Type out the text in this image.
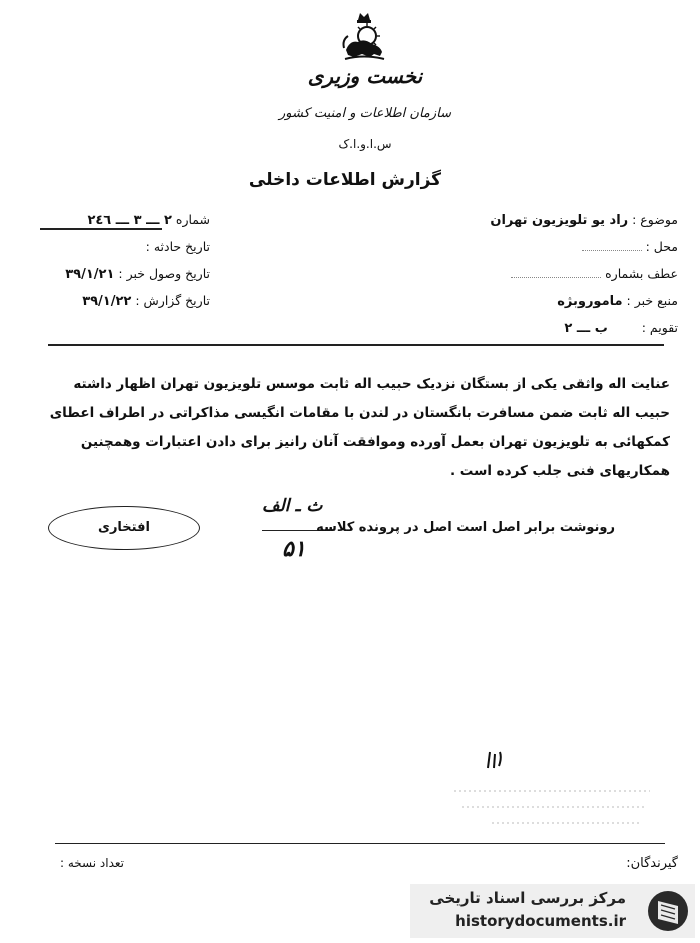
نخست وزیری
سازمان اطلاعات و امنیت کشور
س.ا.و.ا.ک
گزارش اطلاعات داخلی
موضوع : راد یو تلویزیون تهران
محل :
عطف بشماره
منبع خبر : ماموروبژه
تقویم : ب ـــ ۲
شماره ۲ ـــ ۳ ـــ ۲٤٦
تاریخ حادثه :
تاریخ وصول خبر : ۳۹/۱/۲۱
تاریخ گزارش : ۳۹/۱/۲۲
عنایت اله واثقی یکی از بستگان نزدیک حبیب اله ثابت موسس تلویزیون تهران اظهار داشته
حبیب اله ثابت ضمن مسافرت بانگستان در لندن با مقامات انگیسی مذاکراتی در اطراف اعطای
کمکهائی به تلویزیون تهران بعمل آورده وموافقت آنان رانیز برای دادن اعتبارات وهمچنین
همکاریهای فنی جلب کرده است .
افتخاری
ث ـ الف
رونوشت برابر اصل است اصل در پرونده کلاسه
۵۱
تعداد نسخه :	گیرندگان:
مرکز بررسی اسناد تاریخی
historydocuments.ir
